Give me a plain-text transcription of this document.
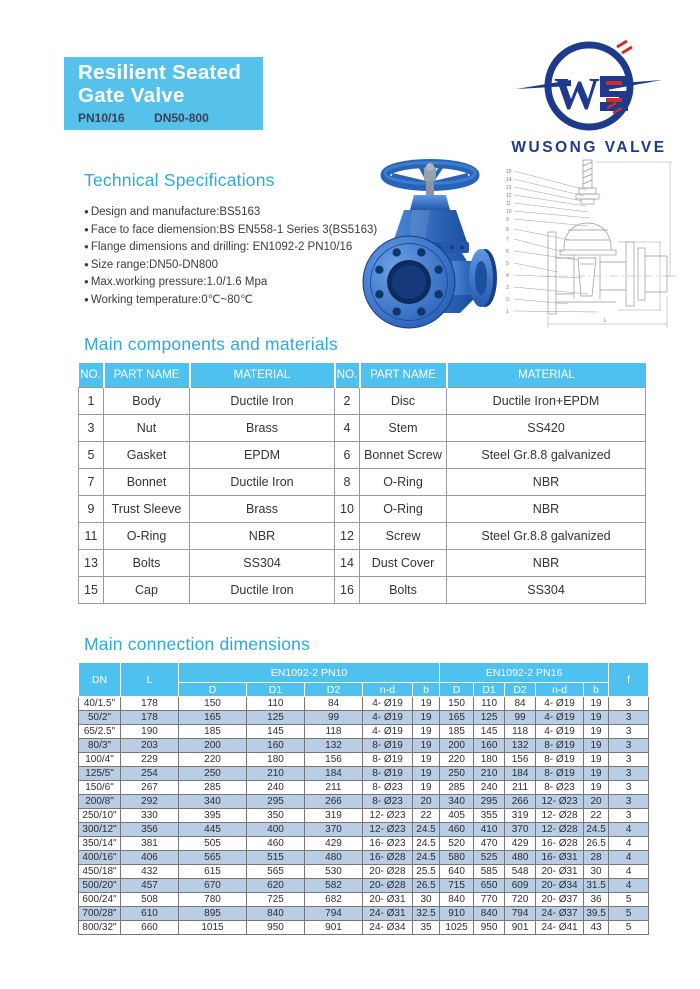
Resilient Seated
Gate Valve
PN10/16 DN50-800	W
WUSONG VALVE
Technical Specifications
● Design and manufacture:BS5163
● Face to face diemension:BS EN558-1 Series 3(BS5163)
● Flange dimensions and drilling: EN1092-2 PN10/16
● Size range:DN50-DN800
● Max.working pressure:1.0/1.6 Mpa
● Working temperature:0℃~80℃
15
14
13
12
11
10
9
8
7
6
5
4
3
2
1
L
Main components and materials
NO.	PART NAME	MATERIAL	NO.	PART NAME	MATERIAL
1	Body	Ductile Iron	2	Disc	Ductile Iron+EPDM
3	Nut	Brass	4	Stem	SS420
5	Gasket	EPDM	6	Bonnet Screw	Steel Gr.8.8 galvanized
7	Bonnet	Ductile Iron	8	O-Ring	NBR
9	Trust Sleeve	Brass	10	O-Ring	NBR
11	O-Ring	NBR	12	Screw	Steel Gr.8.8 galvanized
13	Bolts	SS304	14	Dust Cover	NBR
15	Cap	Ductile Iron	16	Bolts	SS304
Main connection dimensions
DN	L	EN1092-2 PN10					EN1092-2 PN16					f
		D	D1	D2	n-d	b	D	D1	D2	n-d	b	
40/1.5"	178	150	110	84	4- Ø19	19	150	110	84	4- Ø19	19	3
50/2"	178	165	125	99	4- Ø19	19	165	125	99	4- Ø19	19	3
65/2.5"	190	185	145	118	4- Ø19	19	185	145	118	4- Ø19	19	3
80/3"	203	200	160	132	8- Ø19	19	200	160	132	8- Ø19	19	3
100/4"	229	220	180	156	8- Ø19	19	220	180	156	8- Ø19	19	3
125/5"	254	250	210	184	8- Ø19	19	250	210	184	8- Ø19	19	3
150/6"	267	285	240	211	8- Ø23	19	285	240	211	8- Ø23	19	3
200/8"	292	340	295	266	8- Ø23	20	340	295	266	12- Ø23	20	3
250/10"	330	395	350	319	12- Ø23	22	405	355	319	12- Ø28	22	3
300/12"	356	445	400	370	12- Ø23	24.5	460	410	370	12- Ø28	24.5	4
350/14"	381	505	460	429	16- Ø23	24.5	520	470	429	16- Ø28	26.5	4
400/16"	406	565	515	480	16- Ø28	24.5	580	525	480	16- Ø31	28	4
450/18"	432	615	565	530	20- Ø28	25.5	640	585	548	20- Ø31	30	4
500/20"	457	670	620	582	20- Ø28	26.5	715	650	609	20- Ø34	31.5	4
600/24"	508	780	725	682	20- Ø31	30	840	770	720	20- Ø37	36	5
700/28"	610	895	840	794	24- Ø31	32.5	910	840	794	24- Ø37	39.5	5
800/32"	660	1015	950	901	24- Ø34	35	1025	950	901	24- Ø41	43	5
